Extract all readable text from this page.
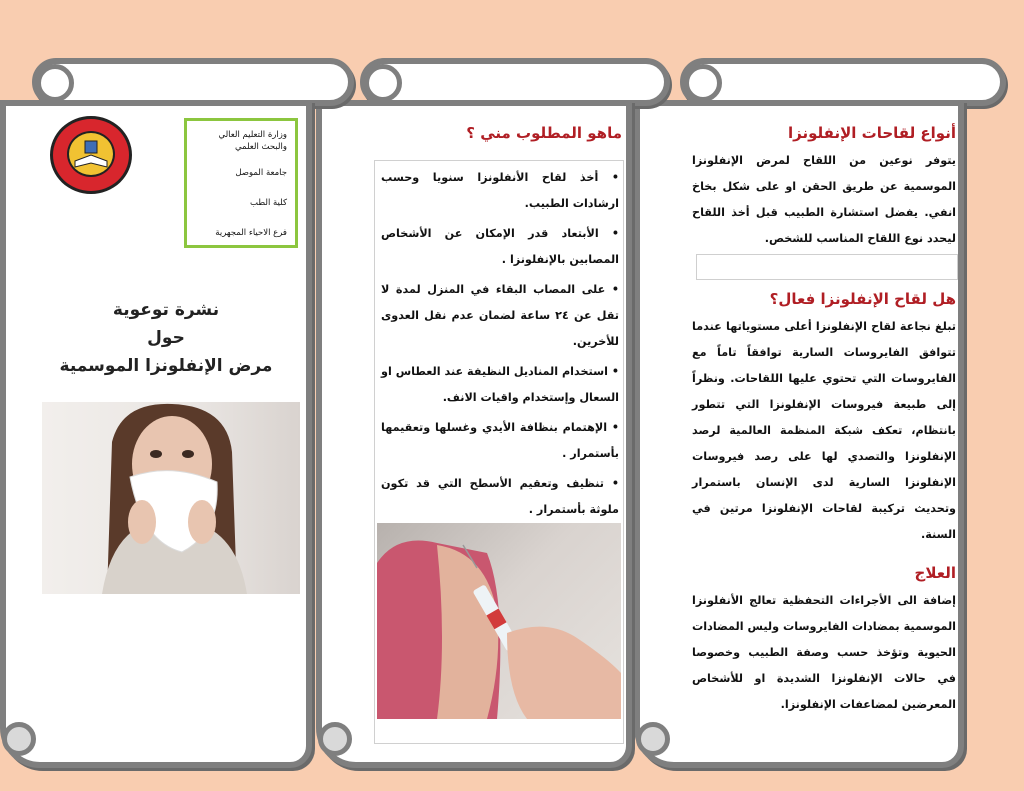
أنواع لقاحات الإنفلونزا
يتوفر نوعين من اللقاح لمرض الإنفلونزا الموسمية عن طريق الحقن او على شكل بخاخ انفي. يفضل استشارة الطبيب قبل أخذ اللقاح ليحدد نوع اللقاح المناسب للشخص.
هل لقاح الإنفلونزا فعال؟
تبلغ نجاعة لقاح الإنفلونزا أعلى مستوياتها عندما تتوافق الفايروسات السارية توافقاً تاماً مع الفايروسات التي تحتوي عليها اللقاحات. ونظراً إلى طبيعة فيروسات الإنفلونزا التي تتطور بانتظام، تعكف شبكة المنظمة العالمية لرصد الإنفلونزا والتصدي لها على رصد فيروسات الإنفلونزا السارية لدى الإنسان باستمرار وتحديث تركيبة لقاحات الإنفلونزا مرتين في السنة.
العلاج
إضافة الى الأجراءات التحفظية تعالج الأنفلونزا الموسمية بمضادات الفايروسات وليس المضادات الحيوية وتؤخذ حسب وصفة الطبيب وخصوصا في حالات الإنفلونزا الشديدة او للأشخاص المعرضين لمضاعفات الإنفلونزا.
ماهو المطلوب مني ؟
• أخذ لقاح الأنفلونزا سنويا وحسب ارشادات الطبيب.
• الأبتعاد قدر الإمكان عن الأشخاص المصابين بالإنفلونزا .
• على المصاب البقاء في المنزل لمدة لا تقل عن ٢٤ ساعة لضمان عدم نقل العدوى للأخرين.
• استخدام المناديل النظيفة عند العطاس او السعال وإستخدام واقيات الانف.
• الإهتمام بنظافة الأيدي وغسلها وتعقيمها بأستمرار .
• تنظيف وتعقيم الأسطح التي قد تكون ملوثة بأستمرار .
وزارة التعليم العالي
والبحث العلمي
جامعة الموصل
كلية الطب
فرع الاحياء المجهرية
نشرة توعوية
حول
مرض الإنفلونزا الموسمية
